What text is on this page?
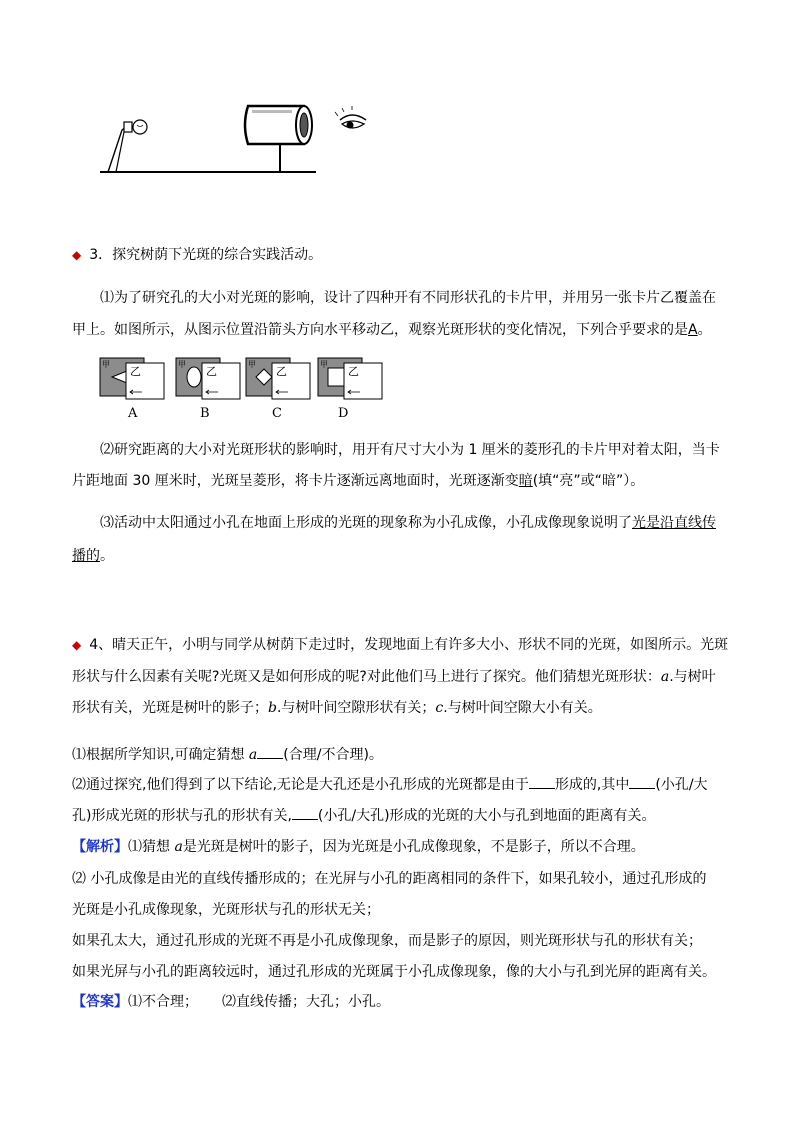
◆ 3．探究树荫下光斑的综合实践活动。
⑴为了研究孔的大小对光斑的影响，设计了四种开有不同形状孔的卡片甲，并用另一张卡片乙覆盖在
甲上。如图所示，从图示位置沿箭头方向水平移动乙，观察光斑形状的变化情况，下列合乎要求的是A。
甲
乙
甲
乙
甲
乙
甲
乙
A	B	C	D
⑵研究距离的大小对光斑形状的影响时，用开有尺寸大小为 1 厘米的菱形孔的卡片甲对着太阳，当卡
片距地面 30 厘米时，光斑呈菱形，将卡片逐渐远离地面时，光斑逐渐变暗(填“亮”或“暗”）。
⑶活动中太阳通过小孔在地面上形成的光斑的现象称为小孔成像，小孔成像现象说明了光是沿直线传
播的。
◆ 4、晴天正午，小明与同学从树荫下走过时，发现地面上有许多大小、形状不同的光斑，如图所示。光斑
形状与什么因素有关呢?光斑又是如何形成的呢?对此他们马上进行了探究。他们猜想光斑形状：a.与树叶
形状有关，光斑是树叶的影子；b.与树叶间空隙形状有关；c.与树叶间空隙大小有关。
⑴根据所学知识,可确定猜想 a (合理/不合理)。
⑵通过探究,他们得到了以下结论,无论是大孔还是小孔形成的光斑都是由于 形成的,其中 (小孔/大
孔)形成光斑的形状与孔的形状有关, (小孔/大孔)形成的光斑的大小与孔到地面的距离有关。
【解析】⑴猜想 a是光斑是树叶的影子，因为光斑是小孔成像现象，不是影子，所以不合理。
⑵ 小孔成像是由光的直线传播形成的；在光屏与小孔的距离相同的条件下，如果孔较小，通过孔形成的
光斑是小孔成像现象，光斑形状与孔的形状无关；
如果孔太大，通过孔形成的光斑不再是小孔成像现象，而是影子的原因，则光斑形状与孔的形状有关；
如果光屏与小孔的距离较远时，通过孔形成的光斑属于小孔成像现象，像的大小与孔到光屏的距离有关。
【答案】⑴不合理； ⑵直线传播；大孔；小孔。
